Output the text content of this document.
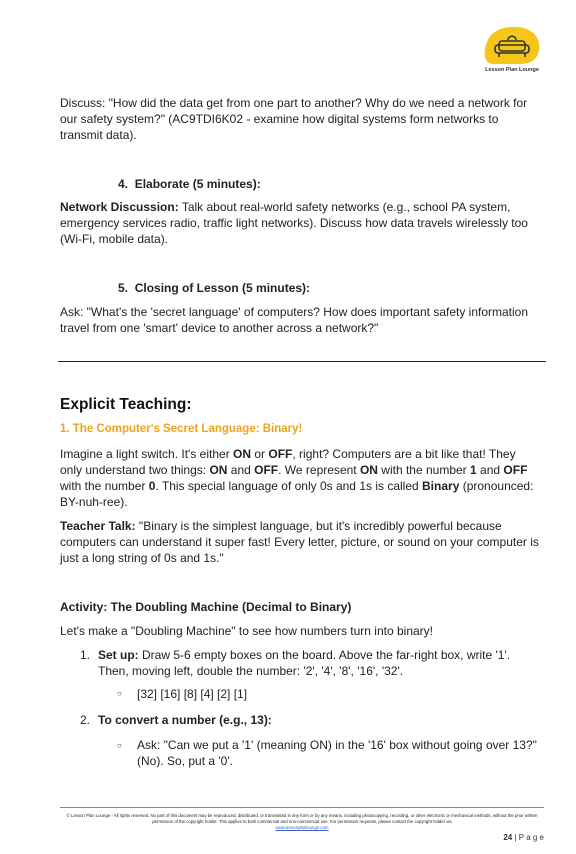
Lesson Plan Lounge

Discuss: "How did the data get from one part to another? Why do we need a network for our safety system?" (AC9TDI6K02 - examine how digital systems form networks to transmit data).

4. Elaborate (5 minutes):

Network Discussion: Talk about real-world safety networks (e.g., school PA system, emergency services radio, traffic light networks). Discuss how data travels wirelessly too (Wi-Fi, mobile data).

5. Closing of Lesson (5 minutes):

Ask: "What's the 'secret language' of computers? How does important safety information travel from one 'smart' device to another across a network?"

Explicit Teaching:
1. The Computer's Secret Language: Binary!

Imagine a light switch. It's either ON or OFF, right? Computers are a bit like that! They only understand two things: ON and OFF. We represent ON with the number 1 and OFF with the number 0. This special language of only 0s and 1s is called Binary (pronounced: BY-nuh-ree).

Teacher Talk: "Binary is the simplest language, but it's incredibly powerful because computers can understand it super fast! Every letter, picture, or sound on your computer is just a long string of 0s and 1s."

Activity: The Doubling Machine (Decimal to Binary)

Let's make a "Doubling Machine" to see how numbers turn into binary!

1. Set up: Draw 5-6 empty boxes on the board. Above the far-right box, write '1'. Then, moving left, double the number: '2', '4', '8', '16', '32'.

○ [32] [16] [8] [4] [2] [1]
2. To convert a number (e.g., 13):
○ Ask: "Can we put a '1' (meaning ON) in the '16' box without going over 13?" (No). So, put a '0'.

© Lesson Plan Lounge - All rights reserved. No part of this document may be reproduced, distributed, or transmitted in any form or by any means, including photocopying, recording, or other electronic or mechanical methods, without the prior written permission of the copyright holder. This applies to both commercial and non-commercial use. For permission requests, please contact the copyright holder via
www.lessonplanlounge.com
24 | P a g e
